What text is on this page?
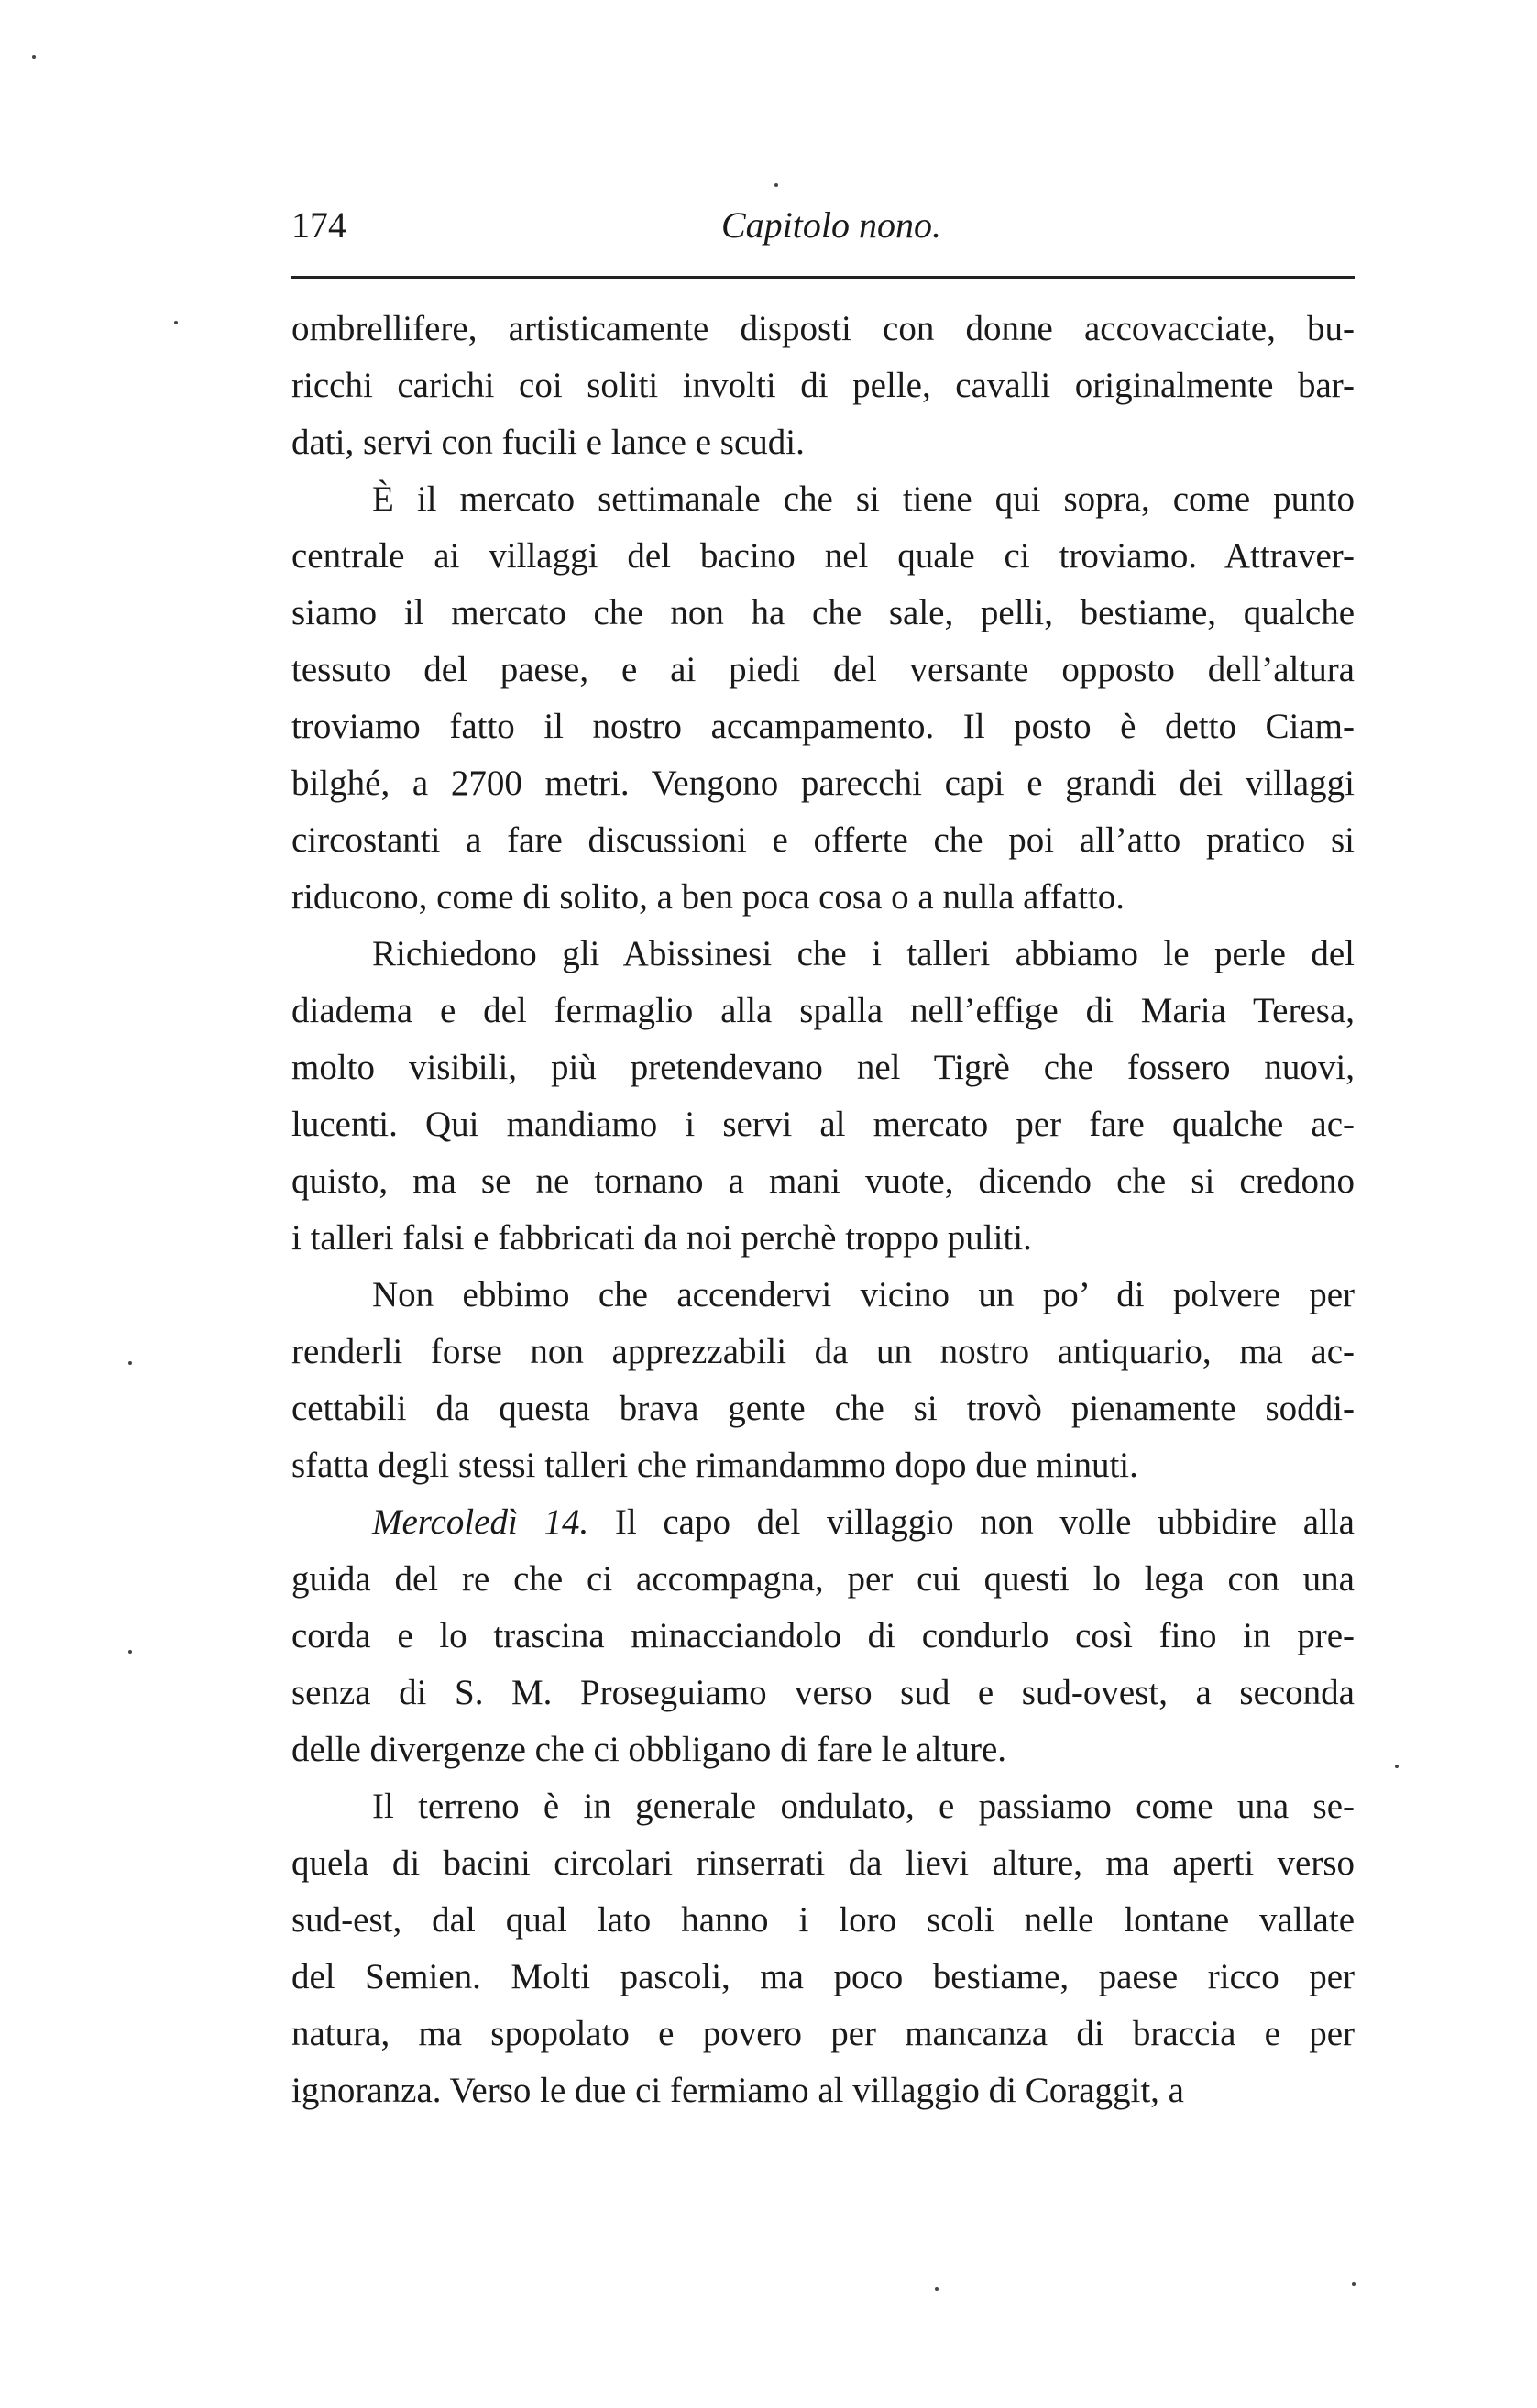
174	Capitolo nono.
ombrellifere, artisticamente disposti con donne accovacciate, bu-
ricchi carichi coi soliti involti di pelle, cavalli originalmente bar-
dati, servi con fucili e lance e scudi.
È il mercato settimanale che si tiene qui sopra, come punto
centrale ai villaggi del bacino nel quale ci troviamo. Attraver-
siamo il mercato che non ha che sale, pelli, bestiame, qualche
tessuto del paese, e ai piedi del versante opposto dell’altura
troviamo fatto il nostro accampamento. Il posto è detto Ciam-
bilghé, a 2700 metri. Vengono parecchi capi e grandi dei villaggi
circostanti a fare discussioni e offerte che poi all’atto pratico si
riducono, come di solito, a ben poca cosa o a nulla affatto.
Richiedono gli Abissinesi che i talleri abbiamo le perle del
diadema e del fermaglio alla spalla nell’effige di Maria Teresa,
molto visibili, più pretendevano nel Tigrè che fossero nuovi,
lucenti. Qui mandiamo i servi al mercato per fare qualche ac-
quisto, ma se ne tornano a mani vuote, dicendo che si credono
i talleri falsi e fabbricati da noi perchè troppo puliti.
Non ebbimo che accendervi vicino un po’ di polvere per
renderli forse non apprezzabili da un nostro antiquario, ma ac-
cettabili da questa brava gente che si trovò pienamente soddi-
sfatta degli stessi talleri che rimandammo dopo due minuti.
Mercoledì 14. Il capo del villaggio non volle ubbidire alla
guida del re che ci accompagna, per cui questi lo lega con una
corda e lo trascina minacciandolo di condurlo così fino in pre-
senza di S. M. Proseguiamo verso sud e sud-ovest, a seconda
delle divergenze che ci obbligano di fare le alture.
Il terreno è in generale ondulato, e passiamo come una se-
quela di bacini circolari rinserrati da lievi alture, ma aperti verso
sud-est, dal qual lato hanno i loro scoli nelle lontane vallate
del Semien. Molti pascoli, ma poco bestiame, paese ricco per
natura, ma spopolato e povero per mancanza di braccia e per
ignoranza. Verso le due ci fermiamo al villaggio di Coraggit, a
